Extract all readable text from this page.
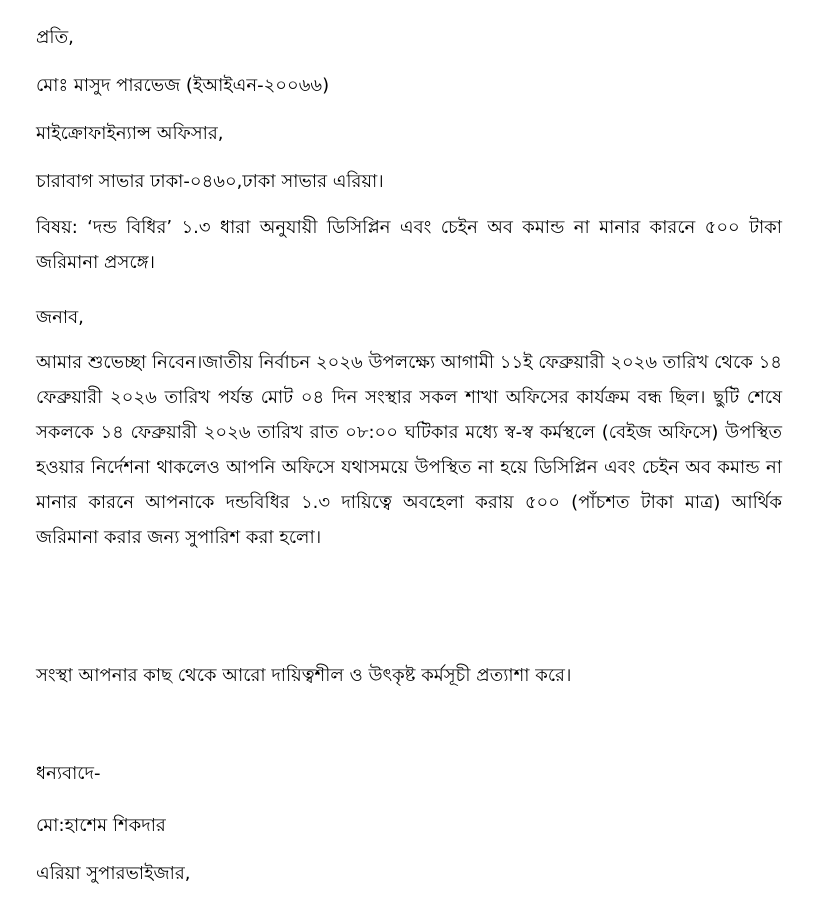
প্রতি,
মোঃ মাসুদ পারভেজ (ইআইএন-২০০৬৬)
মাইক্রোফাইন্যান্স অফিসার,
চারাবাগ সাভার ঢাকা-০৪৬০,ঢাকা সাভার এরিয়া।

বিষয়: ‘দন্ড বিধির’ ১.৩ ধারা অনুযায়ী ডিসিপ্লিন এবং চেইন অব কমান্ড না মানার কারনে ৫০০ টাকা জরিমানা প্রসঙ্গে।

জনাব,

আমার শুভেচ্ছা নিবেন।জাতীয় নির্বাচন ২০২৬ উপলক্ষ্যে আগামী ১১ই ফেব্রুয়ারী ২০২৬ তারিখ থেকে ১৪ ফেব্রুয়ারী ২০২৬ তারিখ পর্যন্ত মোট ০৪ দিন সংস্থার সকল শাখা অফিসের কার্যক্রম বন্ধ ছিল। ছুটি শেষে সকলকে ১৪ ফেব্রুয়ারী ২০২৬ তারিখ রাত ০৮:০০ ঘটিকার মধ্যে স্ব-স্ব কর্মস্থলে (বেইজ অফিসে) উপস্থিত হওয়ার নির্দেশনা থাকলেও আপনি অফিসে যথাসময়ে উপস্থিত না হয়ে ডিসিপ্লিন এবং চেইন অব কমান্ড না মানার কারনে আপনাকে দন্ডবিধির ১.৩ দায়িত্বে অবহেলা করায় ৫০০ (পাঁচশত টাকা মাত্র) আর্থিক জরিমানা করার জন্য সুপারিশ করা হলো।

সংস্থা আপনার কাছ থেকে আরো দায়িত্বশীল ও উৎকৃষ্ট কর্মসূচী প্রত্যাশা করে।
ধন্যবাদে-
মো:হাশেম শিকদার
এরিয়া সুপারভাইজার,
